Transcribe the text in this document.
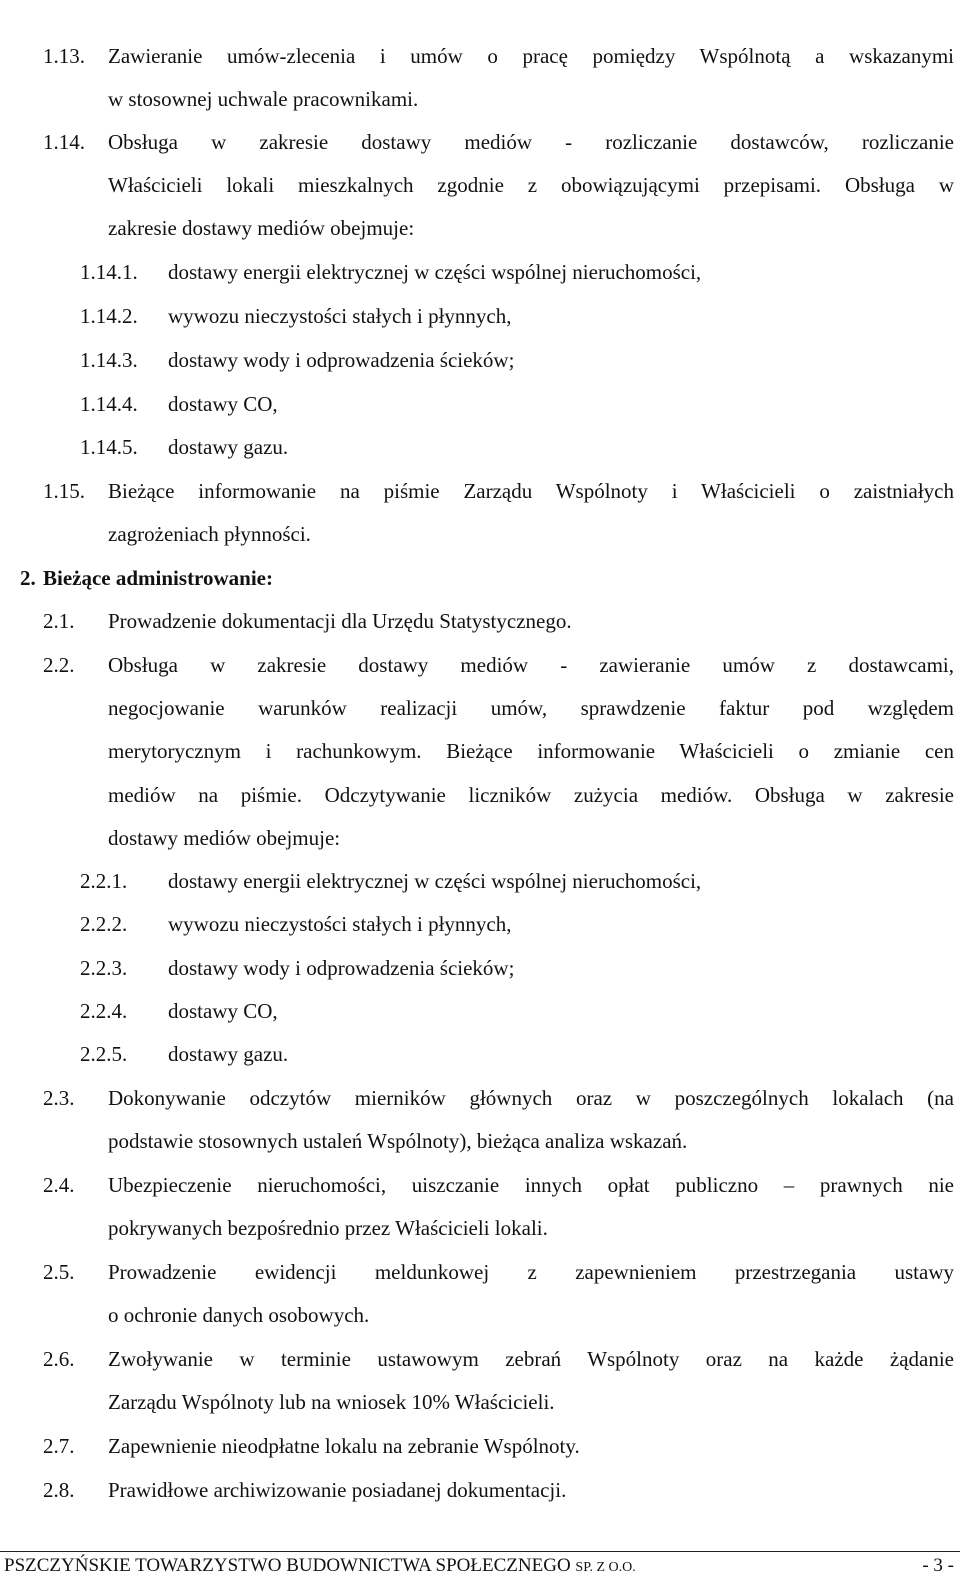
1.13. Zawieranie umów-zlecenia i umów o pracę pomiędzy Wspólnotą a wskazanymi
w stosownej uchwale pracownikami.
1.14. Obsługa w zakresie dostawy mediów - rozliczanie dostawców, rozliczanie
Właścicieli lokali mieszkalnych zgodnie z obowiązującymi przepisami. Obsługa w
zakresie dostawy mediów obejmuje:
1.14.1. dostawy energii elektrycznej w części wspólnej nieruchomości,
1.14.2. wywozu nieczystości stałych i płynnych,
1.14.3. dostawy wody i odprowadzenia ścieków;
1.14.4. dostawy CO,
1.14.5. dostawy gazu.
1.15. Bieżące informowanie na piśmie Zarządu Wspólnoty i Właścicieli o zaistniałych
zagrożeniach płynności.
2. Bieżące administrowanie:
2.1. Prowadzenie dokumentacji dla Urzędu Statystycznego.
2.2. Obsługa w zakresie dostawy mediów - zawieranie umów z dostawcami,
negocjowanie warunków realizacji umów, sprawdzenie faktur pod względem
merytorycznym i rachunkowym. Bieżące informowanie Właścicieli o zmianie cen
mediów na piśmie. Odczytywanie liczników zużycia mediów. Obsługa w zakresie
dostawy mediów obejmuje:
2.2.1. dostawy energii elektrycznej w części wspólnej nieruchomości,
2.2.2. wywozu nieczystości stałych i płynnych,
2.2.3. dostawy wody i odprowadzenia ścieków;
2.2.4. dostawy CO,
2.2.5. dostawy gazu.
2.3. Dokonywanie odczytów mierników głównych oraz w poszczególnych lokalach (na
podstawie stosownych ustaleń Wspólnoty), bieżąca analiza wskazań.
2.4. Ubezpieczenie nieruchomości, uiszczanie innych opłat publiczno – prawnych nie
pokrywanych bezpośrednio przez Właścicieli lokali.
2.5. Prowadzenie ewidencji meldunkowej z zapewnieniem przestrzegania ustawy
o ochronie danych osobowych.
2.6. Zwoływanie w terminie ustawowym zebrań Wspólnoty oraz na każde żądanie
Zarządu Wspólnoty lub na wniosek 10% Właścicieli.
2.7. Zapewnienie nieodpłatne lokalu na zebranie Wspólnoty.
2.8. Prawidłowe archiwizowanie posiadanej dokumentacji.
PSZCZYŃSKIE TOWARZYSTWO BUDOWNICTWA SPOŁECZNEGO SP. Z O.O.	- 3 -
